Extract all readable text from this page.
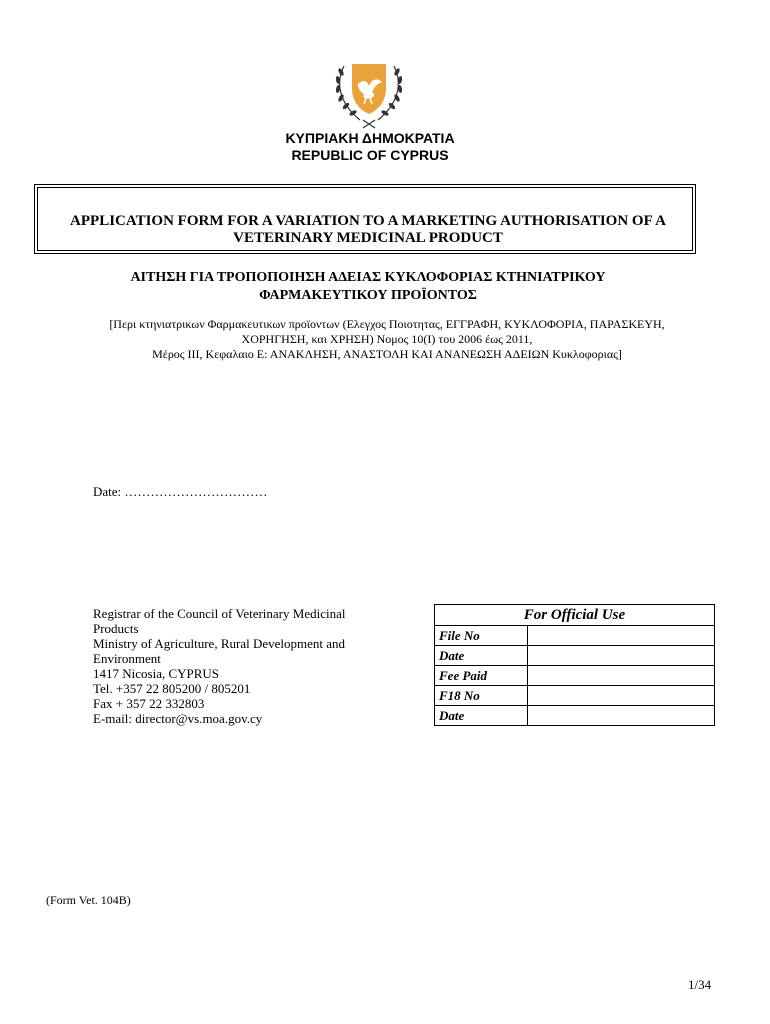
ΚΥΠΡΙΑΚΗ ΔΗΜΟΚΡΑΤΙΑ
REPUBLIC OF CYPRUS
APPLICATION FORM FOR A VARIATION TO A MARKETING AUTHORISATION OF A
VETERINARY MEDICINAL PRODUCT
ΑΙΤΗΣΗ ΓΙΑ ΤΡΟΠΟΠΟΙΗΣΗ ΑΔΕΙΑΣ ΚΥΚΛΟΦΟΡΙΑΣ ΚΤΗΝΙΑΤΡΙΚΟΥ
ΦΑΡΜΑΚΕΥΤΙΚΟΥ ΠΡΟΪΟΝΤΟΣ
[Περι κτηνιατρικων Φαρμακευτικων προϊοντων (Ελεγχος Ποιοτητας, ΕΓΓΡΑΦΗ, ΚΥΚΛΟΦΟΡΙΑ, ΠΑΡΑΣΚΕΥΗ,
ΧΟΡΗΓΗΣΗ, και ΧΡΗΣΗ) Νομος 10(Ι) του 2006 έως 2011,
Μέρος ΙΙΙ, Κεφαλαιο Ε: ΑΝΑΚΛΗΣΗ, ΑΝΑΣΤΟΛΗ ΚΑΙ ΑΝΑΝΕΩΣΗ ΑΔΕΙΩΝ Κυκλοφοριας]
Date: ……………………………
Registrar of the Council of Veterinary Medicinal
Products
Ministry of Agriculture, Rural Development and
Environment
1417 Nicosia, CYPRUS
Tel. +357 22 805200 / 805201
Fax + 357 22 332803
E-mail: director@vs.moa.gov.cy
For Official Use	
File No	
Date	
Fee Paid	
F18 No	
Date	
(Form Vet. 104B)
1/34
